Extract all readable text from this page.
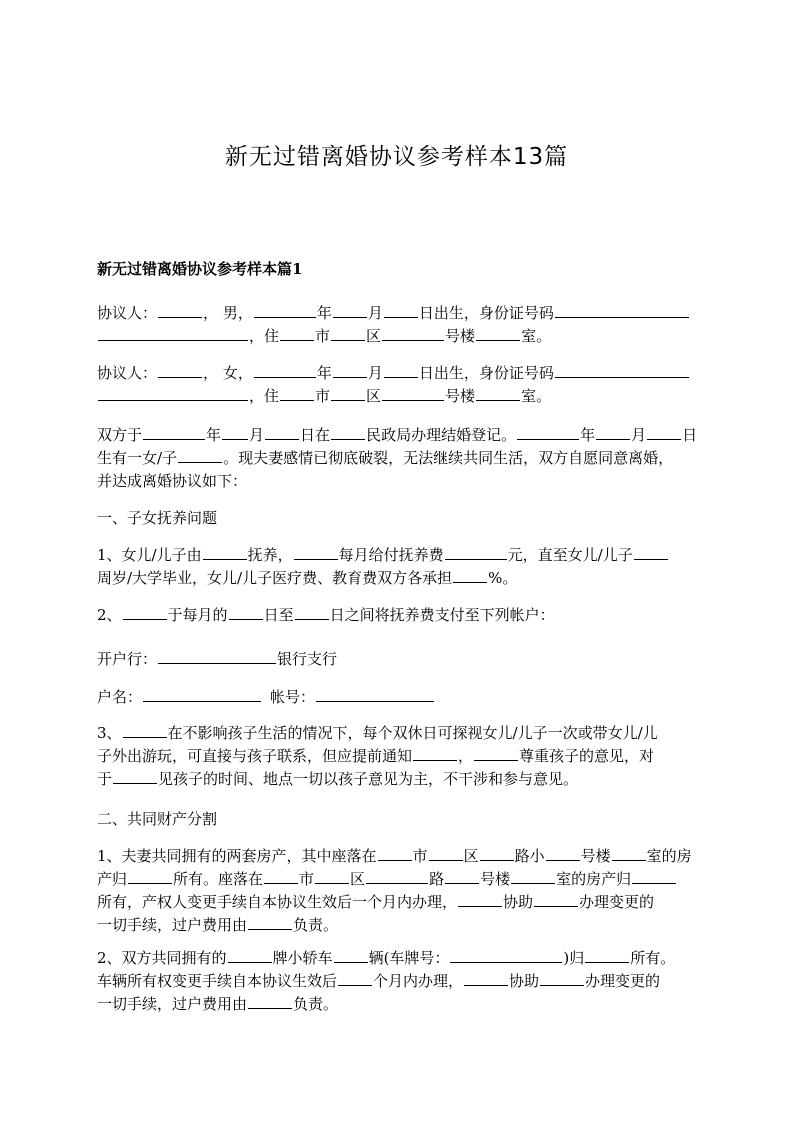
新无过错离婚协议参考样本13篇
新无过错离婚协议参考样本篇1
协议人：	， 男，	年 月 日出生，身份证号码
，住 市 区	号楼	室。
协议人：	， 女，	年 月 日出生，身份证号码
，住 市 区	号楼	室。
双方于	年 月 日在 民政局办理结婚登记。	年 月 日
生有一女/子	。现夫妻感情已彻底破裂，无法继续共同生活，双方自愿同意离婚，
并达成离婚协议如下：
一、子女抚养问题
1、女儿/儿子由	抚养，	每月给付抚养费	元，直至女儿/儿子
周岁/大学毕业，女儿/儿子医疗费、教育费双方各承担 %。
2、	于每月的 日至 日之间将抚养费支付至下列帐户：
开户行：	银行支行
户名：	帐号：
3、	在不影响孩子生活的情况下，每个双休日可探视女儿/儿子一次或带女儿/儿
子外出游玩，可直接与孩子联系，但应提前通知	，	尊重孩子的意见，对
于	见孩子的时间、地点一切以孩子意见为主，不干涉和参与意见。
二、共同财产分割
1、夫妻共同拥有的两套房产，其中座落在 市 区 路小 号楼 室的房
产归	所有。座落在 市 区	路 号楼	室的房产归
所有，产权人变更手续自本协议生效后一个月内办理，	协助	办理变更的
一切手续，过户费用由	负责。
2、双方共同拥有的	牌小轿车 辆(车牌号：	)归	所有。
车辆所有权变更手续自本协议生效后 个月内办理，	协助	办理变更的
一切手续，过户费用由	负责。
